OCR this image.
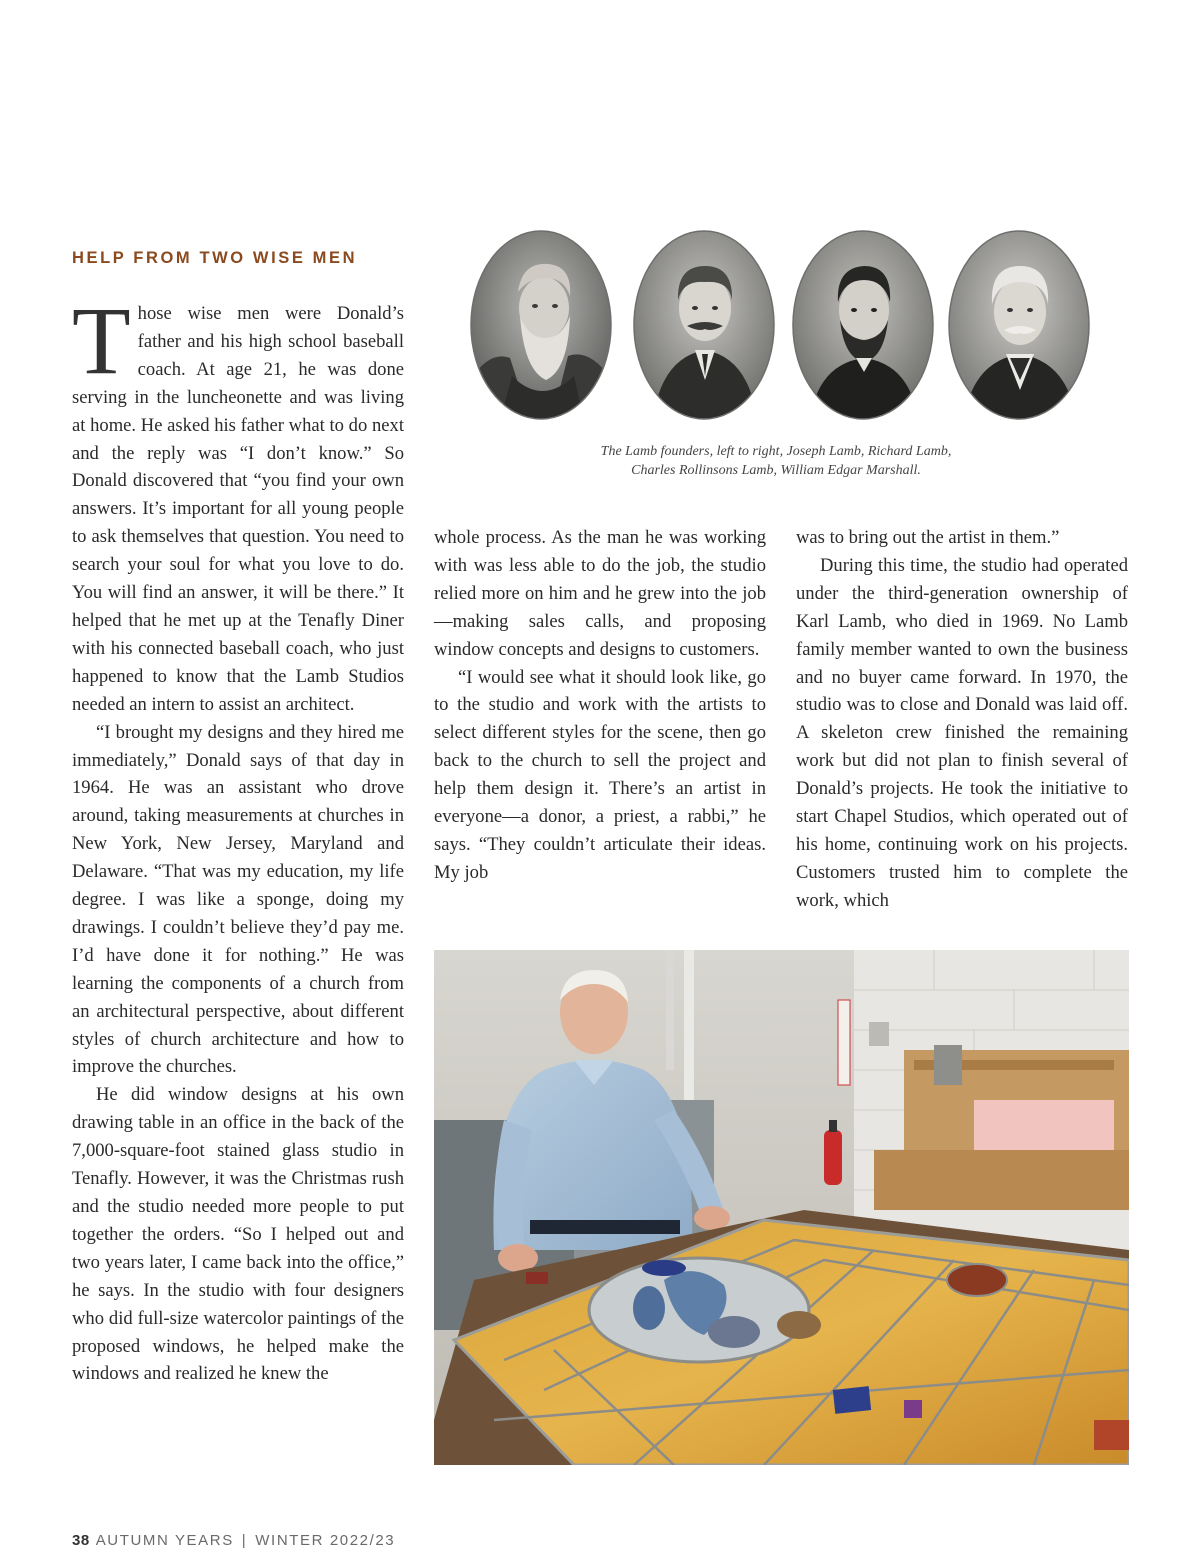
HELP FROM TWO WISE MEN

Those wise men were Donald’s father and his high school baseball coach. At age 21, he was done serving in the luncheonette and was living at home. He asked his father what to do next and the reply was “I don’t know.” So Donald discovered that “you find your own answers. It’s important for all young people to ask themselves that question. You need to search your soul for what you love to do. You will find an answer, it will be there.” It helped that he met up at the Tenafly Diner with his connected baseball coach, who just happened to know that the Lamb Studios needed an intern to assist an architect.

“I brought my designs and they hired me immediately,” Donald says of that day in 1964. He was an assistant who drove around, taking measurements at churches in New York, New Jersey, Maryland and Delaware. “That was my education, my life degree. I was like a sponge, doing my drawings. I couldn’t believe they’d pay me. I’d have done it for nothing.” He was learning the components of a church from an architectural perspective, about different styles of church architecture and how to improve the churches.

He did window designs at his own drawing table in an office in the back of the 7,000-square-foot stained glass studio in Tenafly. However, it was the Christmas rush and the studio needed more people to put together the orders. “So I helped out and two years later, I came back into the office,” he says. In the studio with four designers who did full-size watercolor paintings of the proposed windows, he helped make the windows and realized he knew the

The Lamb founders, left to right, Joseph Lamb, Richard Lamb,
Charles Rollinsons Lamb, William Edgar Marshall.

whole process. As the man he was working with was less able to do the job, the studio relied more on him and he grew into the job—making sales calls, and proposing window concepts and designs to customers.

“I would see what it should look like, go to the studio and work with the artists to select different styles for the scene, then go back to the church to sell the project and help them design it. There’s an artist in everyone—a donor, a priest, a rabbi,” he says. “They couldn’t articulate their ideas. My job

was to bring out the artist in them.”

During this time, the studio had operated under the third-generation ownership of Karl Lamb, who died in 1969. No Lamb family member wanted to own the business and no buyer came forward. In 1970, the studio was to close and Donald was laid off. A skeleton crew finished the remaining work but did not plan to finish several of Donald’s projects. He took the initiative to start Chapel Studios, which operated out of his home, continuing work on his projects. Customers trusted him to complete the work, which

38 AUTUMN YEARS | WINTER 2022/23
